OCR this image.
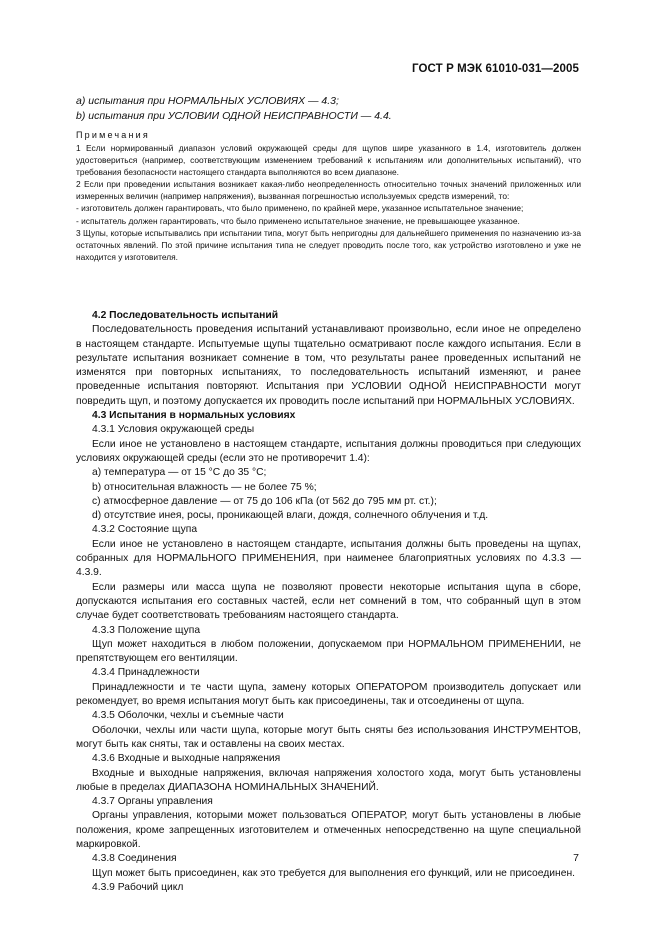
ГОСТ Р МЭК 61010-031—2005
а) испытания при НОРМАЛЬНЫХ УСЛОВИЯХ — 4.3;
b) испытания при УСЛОВИИ ОДНОЙ НЕИСПРАВНОСТИ — 4.4.
Примечания

1 Если нормированный диапазон условий окружающей среды для щупов шире указанного в 1.4, изготовитель должен удостовериться (например, соответствующим изменением требований к испытаниям или дополнительных испытаний), что требования безопасности настоящего стандарта выполняются во всем диапазоне.

2 Если при проведении испытания возникает какая-либо неопределенность относительно точных значений приложенных или измеренных величин (например напряжения), вызванная погрешностью используемых средств измерений, то:

- изготовитель должен гарантировать, что было применено, по крайней мере, указанное испытательное значение;

- испытатель должен гарантировать, что было применено испытательное значение, не превышающее указанное.

3 Щупы, которые испытывались при испытании типа, могут быть непригодны для дальнейшего применения по назначению из-за остаточных явлений. По этой причине испытания типа не следует проводить после того, как устройство изготовлено и уже не находится у изготовителя.

4.2 Последовательность испытаний

Последовательность проведения испытаний устанавливают произвольно, если иное не определено в настоящем стандарте. Испытуемые щупы тщательно осматривают после каждого испытания. Если в результате испытания возникает сомнение в том, что результаты ранее проведенных испытаний не изменятся при повторных испытаниях, то последовательность испытаний изменяют, и ранее проведенные испытания повторяют. Испытания при УСЛОВИИ ОДНОЙ НЕИСПРАВНОСТИ могут повредить щуп, и поэтому допускается их проводить после испытаний при НОРМАЛЬНЫХ УСЛОВИЯХ.

4.3 Испытания в нормальных условиях

4.3.1 Условия окружающей среды

Если иное не установлено в настоящем стандарте, испытания должны проводиться при следующих условиях окружающей среды (если это не противоречит 1.4):

a) температура — от 15 °С до 35 °С;

b) относительная влажность — не более 75 %;

c) атмосферное давление — от 75 до 106 кПа (от 562 до 795 мм рт. ст.);

d) отсутствие инея, росы, проникающей влаги, дождя, солнечного облучения и т.д.

4.3.2 Состояние щупа

Если иное не установлено в настоящем стандарте, испытания должны быть проведены на щупах, собранных для НОРМАЛЬНОГО ПРИМЕНЕНИЯ, при наименее благоприятных условиях по 4.3.3 — 4.3.9.

Если размеры или масса щупа не позволяют провести некоторые испытания щупа в сборе, допускаются испытания его составных частей, если нет сомнений в том, что собранный щуп в этом случае будет соответствовать требованиям настоящего стандарта.

4.3.3 Положение щупа

Щуп может находиться в любом положении, допускаемом при НОРМАЛЬНОМ ПРИМЕНЕНИИ, не препятствующем его вентиляции.

4.3.4 Принадлежности

Принадлежности и те части щупа, замену которых ОПЕРАТОРОМ производитель допускает или рекомендует, во время испытания могут быть как присоединены, так и отсоединены от щупа.

4.3.5 Оболочки, чехлы и съемные части

Оболочки, чехлы или части щупа, которые могут быть сняты без использования ИНСТРУМЕНТОВ, могут быть как сняты, так и оставлены на своих местах.

4.3.6 Входные и выходные напряжения

Входные и выходные напряжения, включая напряжения холостого хода, могут быть установлены любые в пределах ДИАПАЗОНА НОМИНАЛЬНЫХ ЗНАЧЕНИЙ.

4.3.7 Органы управления

Органы управления, которыми может пользоваться ОПЕРАТОР, могут быть установлены в любые положения, кроме запрещенных изготовителем и отмеченных непосредственно на щупе специальной маркировкой.

4.3.8 Соединения

Щуп может быть присоединен, как это требуется для выполнения его функций, или не присоединен.

4.3.9 Рабочий цикл

7
